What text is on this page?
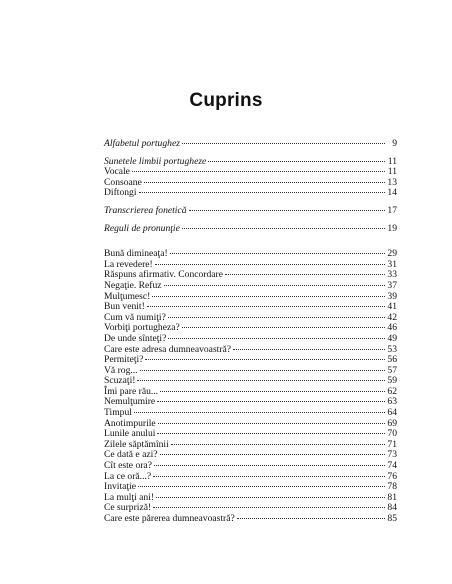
Cuprins
Alfabetul portughez	9
Sunetele limbii portugheze	11
Vocale	11
Consoane	13
Diftongi	14
Transcrierea fonetică	17
Reguli de pronunţie	19
Bună dimineaţa!	29
La revedere!	31
Răspuns afirmativ. Concordare	33
Negaţie. Refuz	37
Mulţumesc!	39
Bun venit!	41
Cum vă numiţi?	42
Vorbiţi portugheza?	46
De unde sînteţi?	49
Care este adresa dumneavoastră?	53
Permiteţi?	56
Vă rog...	57
Scuzaţi!	59
Îmi pare rău...	62
Nemulţumire	63
Timpul	64
Anotimpurile	69
Lunile anului	70
Zilele săptămînii	71
Ce dată e azi?	73
Cît este ora?	74
La ce oră...?	76
Invitaţie	78
La mulţi ani!	81
Ce surpriză!	84
Care este părerea dumneavoastră?	85
